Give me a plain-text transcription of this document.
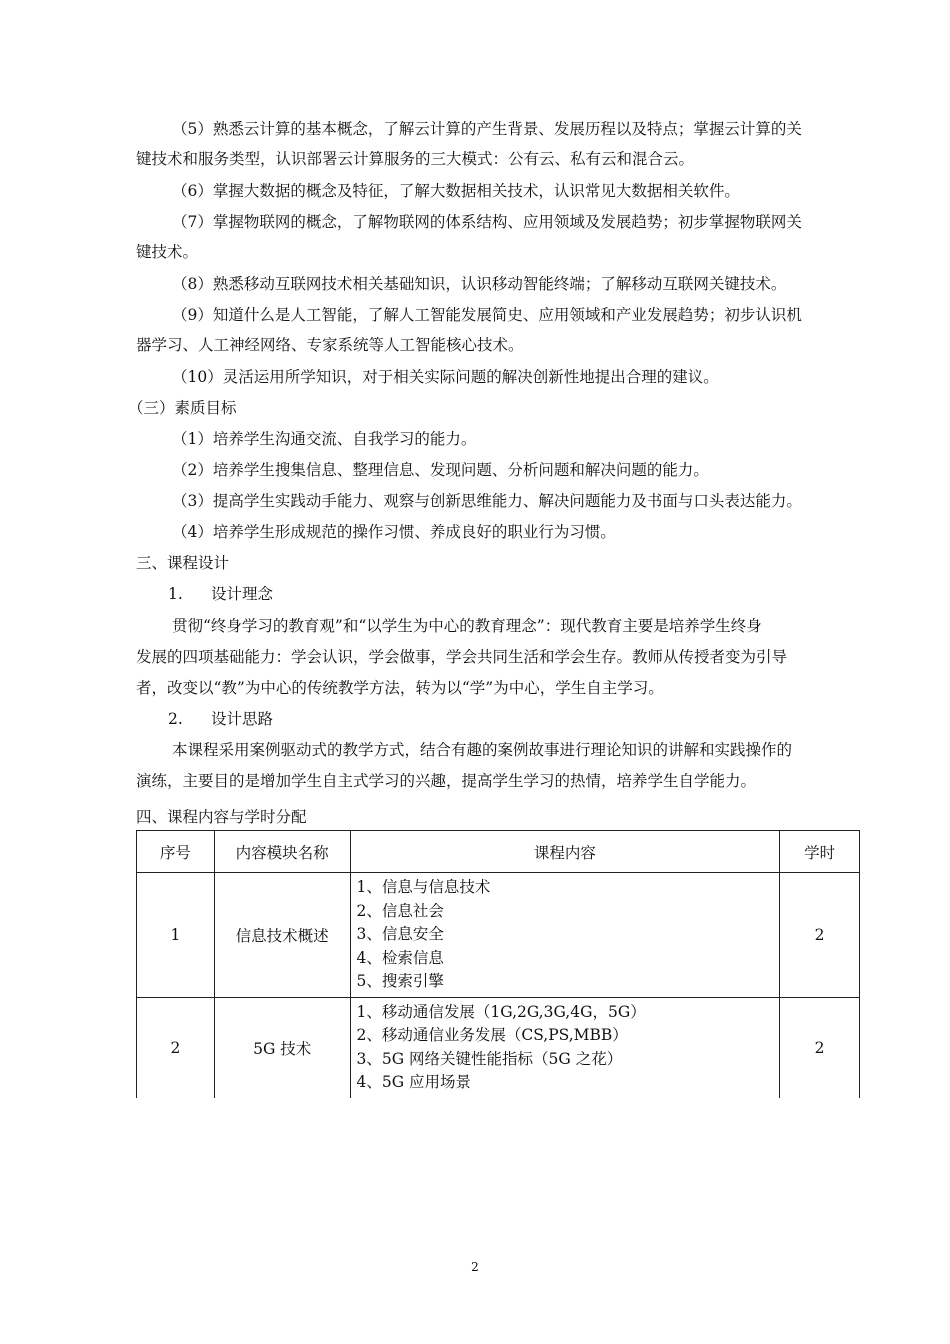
（5）熟悉云计算的基本概念，了解云计算的产生背景、发展历程以及特点；掌握云计算的关
键技术和服务类型，认识部署云计算服务的三大模式：公有云、私有云和混合云。
（6）掌握大数据的概念及特征，了解大数据相关技术，认识常见大数据相关软件。
（7）掌握物联网的概念，了解物联网的体系结构、应用领域及发展趋势；初步掌握物联网关
键技术。
（8）熟悉移动互联网技术相关基础知识，认识移动智能终端；了解移动互联网关键技术。
（9）知道什么是人工智能，了解人工智能发展简史、应用领域和产业发展趋势；初步认识机
器学习、人工神经网络、专家系统等人工智能核心技术。
（10）灵活运用所学知识，对于相关实际问题的解决创新性地提出合理的建议。
（三）素质目标
（1）培养学生沟通交流、自我学习的能力。
（2）培养学生搜集信息、整理信息、发现问题、分析问题和解决问题的能力。
（3）提高学生实践动手能力、观察与创新思维能力、解决问题能力及书面与口头表达能力。
（4）培养学生形成规范的操作习惯、养成良好的职业行为习惯。
三、课程设计
1. 设计理念
贯彻“终身学习的教育观”和“以学生为中心的教育理念”：现代教育主要是培养学生终身
发展的四项基础能力：学会认识，学会做事，学会共同生活和学会生存。教师从传授者变为引导
者，改变以“教”为中心的传统教学方法，转为以“学”为中心，学生自主学习。
2. 设计思路
本课程采用案例驱动式的教学方式，结合有趣的案例故事进行理论知识的讲解和实践操作的
演练，主要目的是增加学生自主式学习的兴趣，提高学生学习的热情，培养学生自学能力。
四、课程内容与学时分配
序号	内容模块名称	课程内容	学时
1	信息技术概述	1、信息与信息技术
2、信息社会
3、信息安全
4、检索信息
5、搜索引擎	2
2	5G 技术	1、移动通信发展（1G,2G,3G,4G，5G）
2、移动通信业务发展（CS,PS,MBB）
3、5G 网络关键性能指标（5G 之花）
4、5G 应用场景	2
2
